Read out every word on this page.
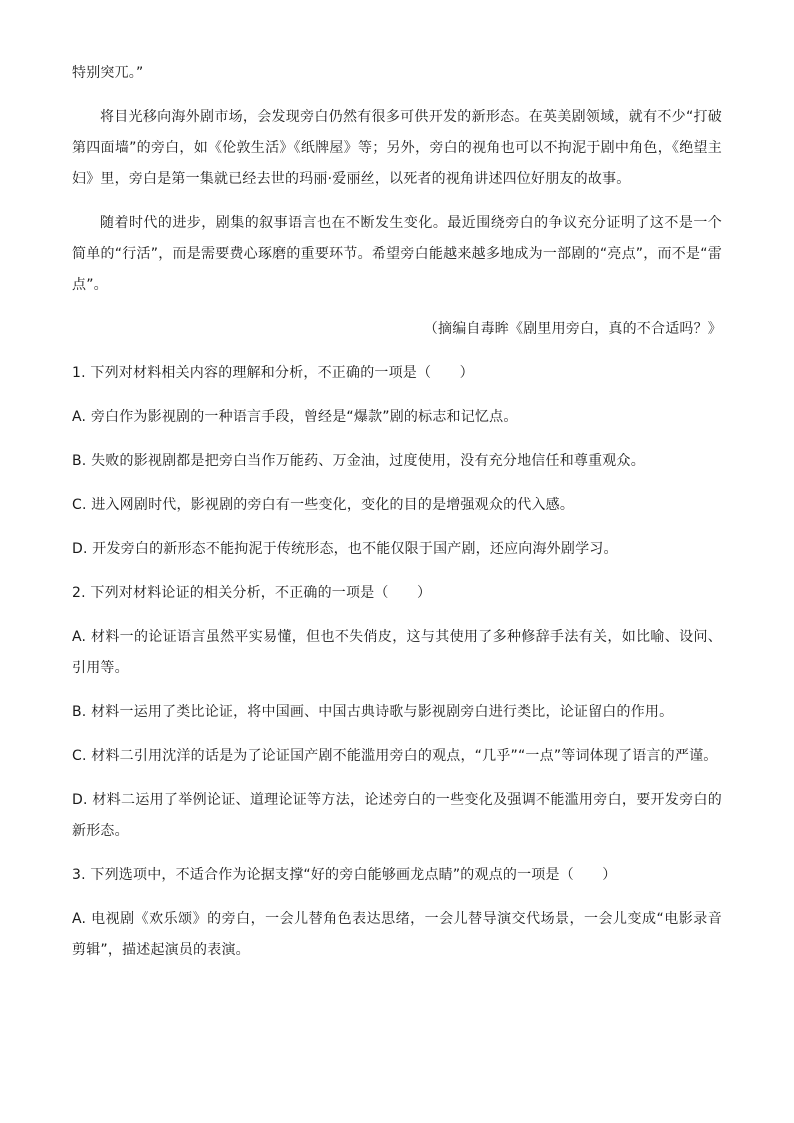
特别突兀。”

将目光移向海外剧市场，会发现旁白仍然有很多可供开发的新形态。在英美剧领域，就有不少“打破第四面墙”的旁白，如《伦敦生活》《纸牌屋》等；另外，旁白的视角也可以不拘泥于剧中角色，《绝望主妇》里，旁白是第一集就已经去世的玛丽·爱丽丝，以死者的视角讲述四位好朋友的故事。

随着时代的进步，剧集的叙事语言也在不断发生变化。最近围绕旁白的争议充分证明了这不是一个简单的“行活”，而是需要费心琢磨的重要环节。希望旁白能越来越多地成为一部剧的“亮点”，而不是“雷点”。

（摘编自毒眸《剧里用旁白，真的不合适吗？》

1. 下列对材料相关内容的理解和分析，不正确的一项是（　　）

A. 旁白作为影视剧的一种语言手段，曾经是“爆款”剧的标志和记忆点。

B. 失败的影视剧都是把旁白当作万能药、万金油，过度使用，没有充分地信任和尊重观众。

C. 进入网剧时代，影视剧的旁白有一些变化，变化的目的是增强观众的代入感。

D. 开发旁白的新形态不能拘泥于传统形态，也不能仅限于国产剧，还应向海外剧学习。

2. 下列对材料论证的相关分析，不正确的一项是（　　）

A. 材料一的论证语言虽然平实易懂，但也不失俏皮，这与其使用了多种修辞手法有关，如比喻、设问、引用等。

B. 材料一运用了类比论证，将中国画、中国古典诗歌与影视剧旁白进行类比，论证留白的作用。

C. 材料二引用沈洋的话是为了论证国产剧不能滥用旁白的观点，“几乎”“一点”等词体现了语言的严谨。

D. 材料二运用了举例论证、道理论证等方法，论述旁白的一些变化及强调不能滥用旁白，要开发旁白的新形态。

3. 下列选项中，不适合作为论据支撑“好的旁白能够画龙点睛”的观点的一项是（　　）

A. 电视剧《欢乐颂》的旁白，一会儿替角色表达思绪，一会儿替导演交代场景，一会儿变成“电影录音剪辑”，描述起演员的表演。
